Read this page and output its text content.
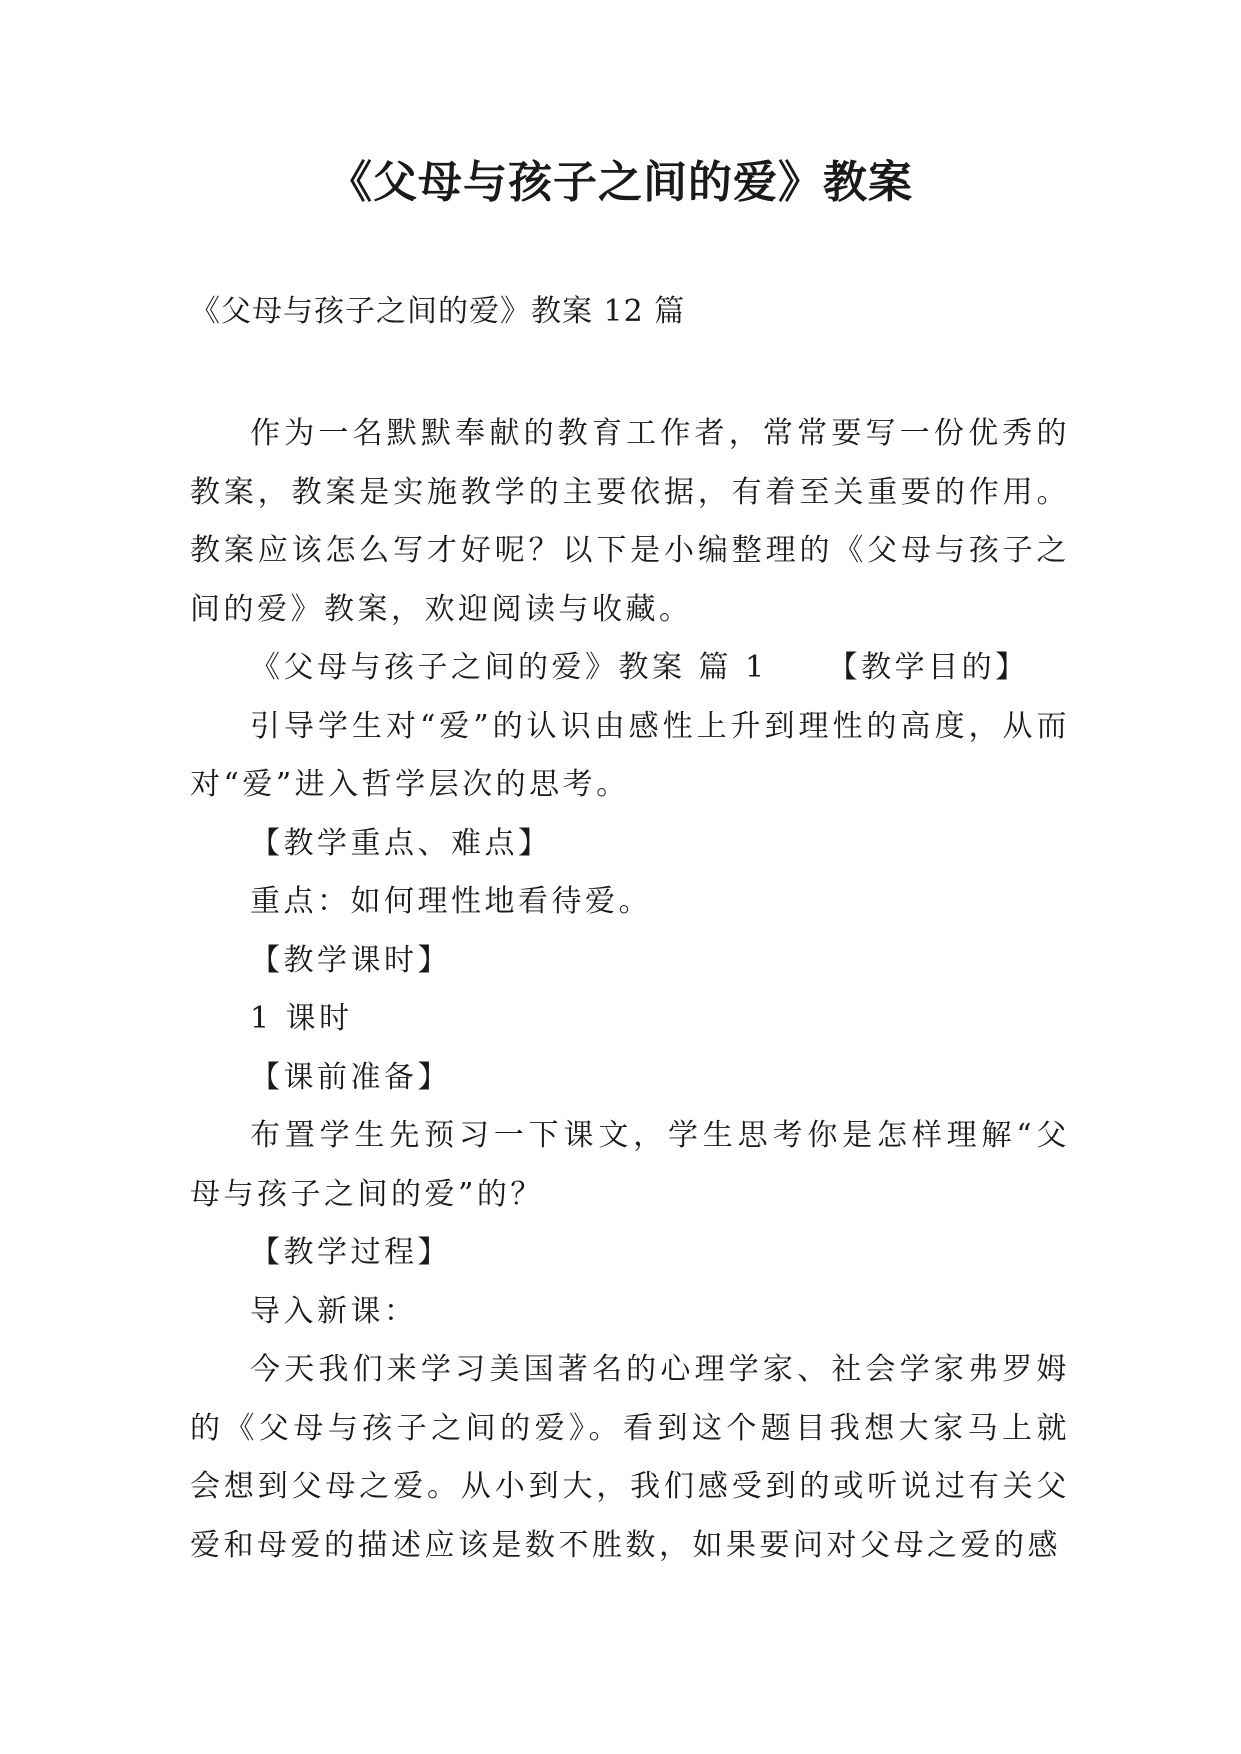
《父母与孩子之间的爱》教案

《父母与孩子之间的爱》教案 12 篇

作为一名默默奉献的教育工作者，常常要写一份优秀的教案，教案是实施教学的主要依据，有着至关重要的作用。教案应该怎么写才好呢？以下是小编整理的《父母与孩子之间的爱》教案，欢迎阅读与收藏。

《父母与孩子之间的爱》教案 篇 1 【教学目的】

引导学生对“爱”的认识由感性上升到理性的高度，从而对“爱”进入哲学层次的思考。

【教学重点、难点】

重点：如何理性地看待爱。

【教学课时】

1 课时

【课前准备】

布置学生先预习一下课文，学生思考你是怎样理解“父母与孩子之间的爱”的？

【教学过程】

导入新课：

今天我们来学习美国著名的心理学家、社会学家弗罗姆的《父母与孩子之间的爱》。看到这个题目我想大家马上就会想到父母之爱。从小到大，我们感受到的或听说过有关父爱和母爱的描述应该是数不胜数，如果要问对父母之爱的感
